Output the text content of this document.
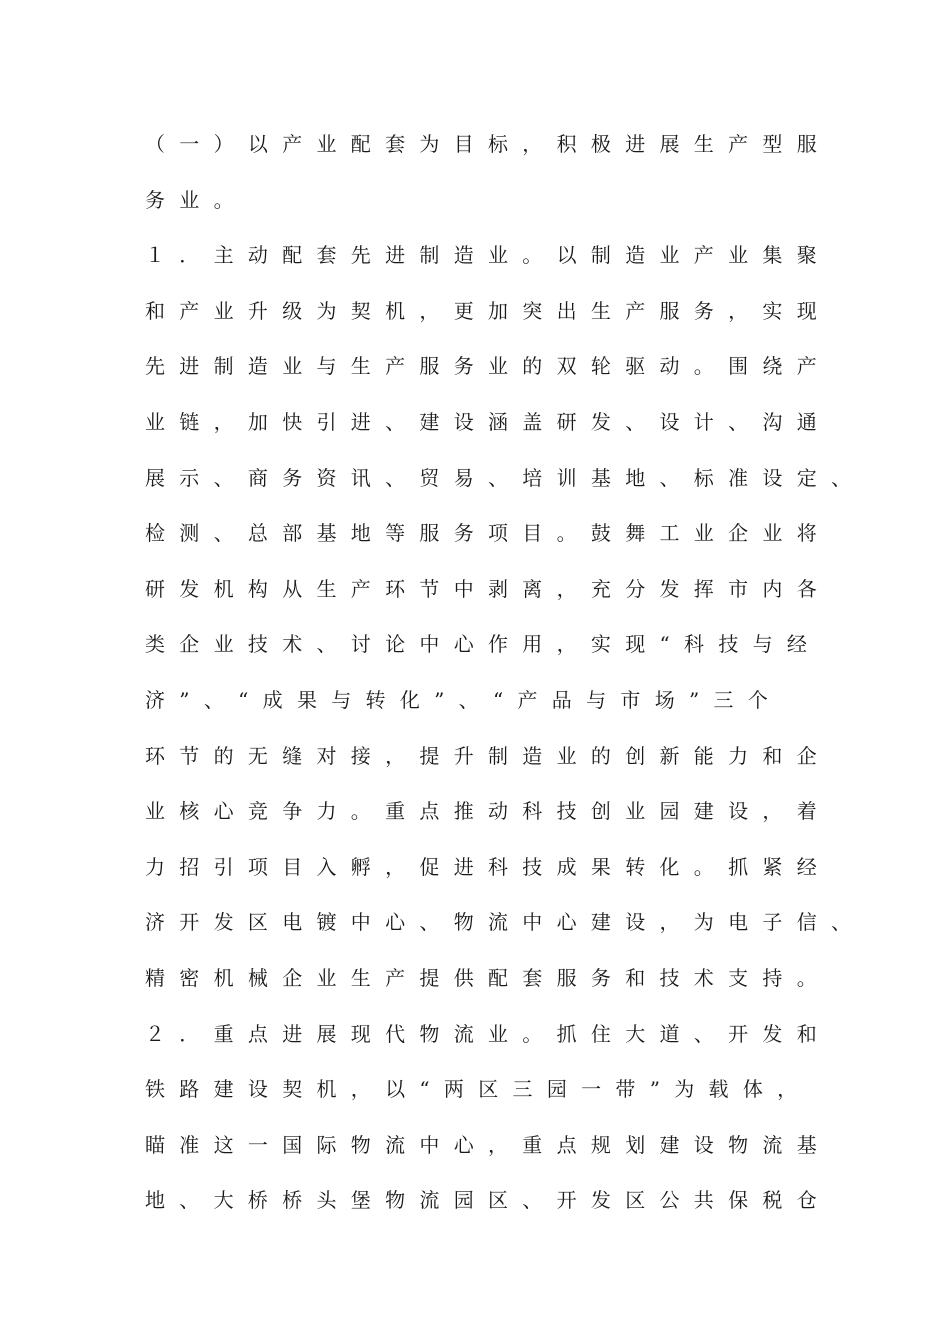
（一）以产业配套为目标，积极进展生产型服
务业。
１．主动配套先进制造业。以制造业产业集聚
和产业升级为契机，更加突出生产服务，实现
先进制造业与生产服务业的双轮驱动。围绕产
业链，加快引进、建设涵盖研发、设计、沟通
展示、商务资讯、贸易、培训基地、标准设定、
检测、总部基地等服务项目。鼓舞工业企业将
研发机构从生产环节中剥离，充分发挥市内各
类企业技术、讨论中心作用，实现“科技与经
济”、“成果与转化”、“产品与市场”三个
环节的无缝对接，提升制造业的创新能力和企
业核心竞争力。重点推动科技创业园建设，着
力招引项目入孵，促进科技成果转化。抓紧经
济开发区电镀中心、物流中心建设，为电子信、
精密机械企业生产提供配套服务和技术支持。
２．重点进展现代物流业。抓住大道、开发和
铁路建设契机，以“两区三园一带”为载体，
瞄准这一国际物流中心，重点规划建设物流基
地、大桥桥头堡物流园区、开发区公共保税仓
